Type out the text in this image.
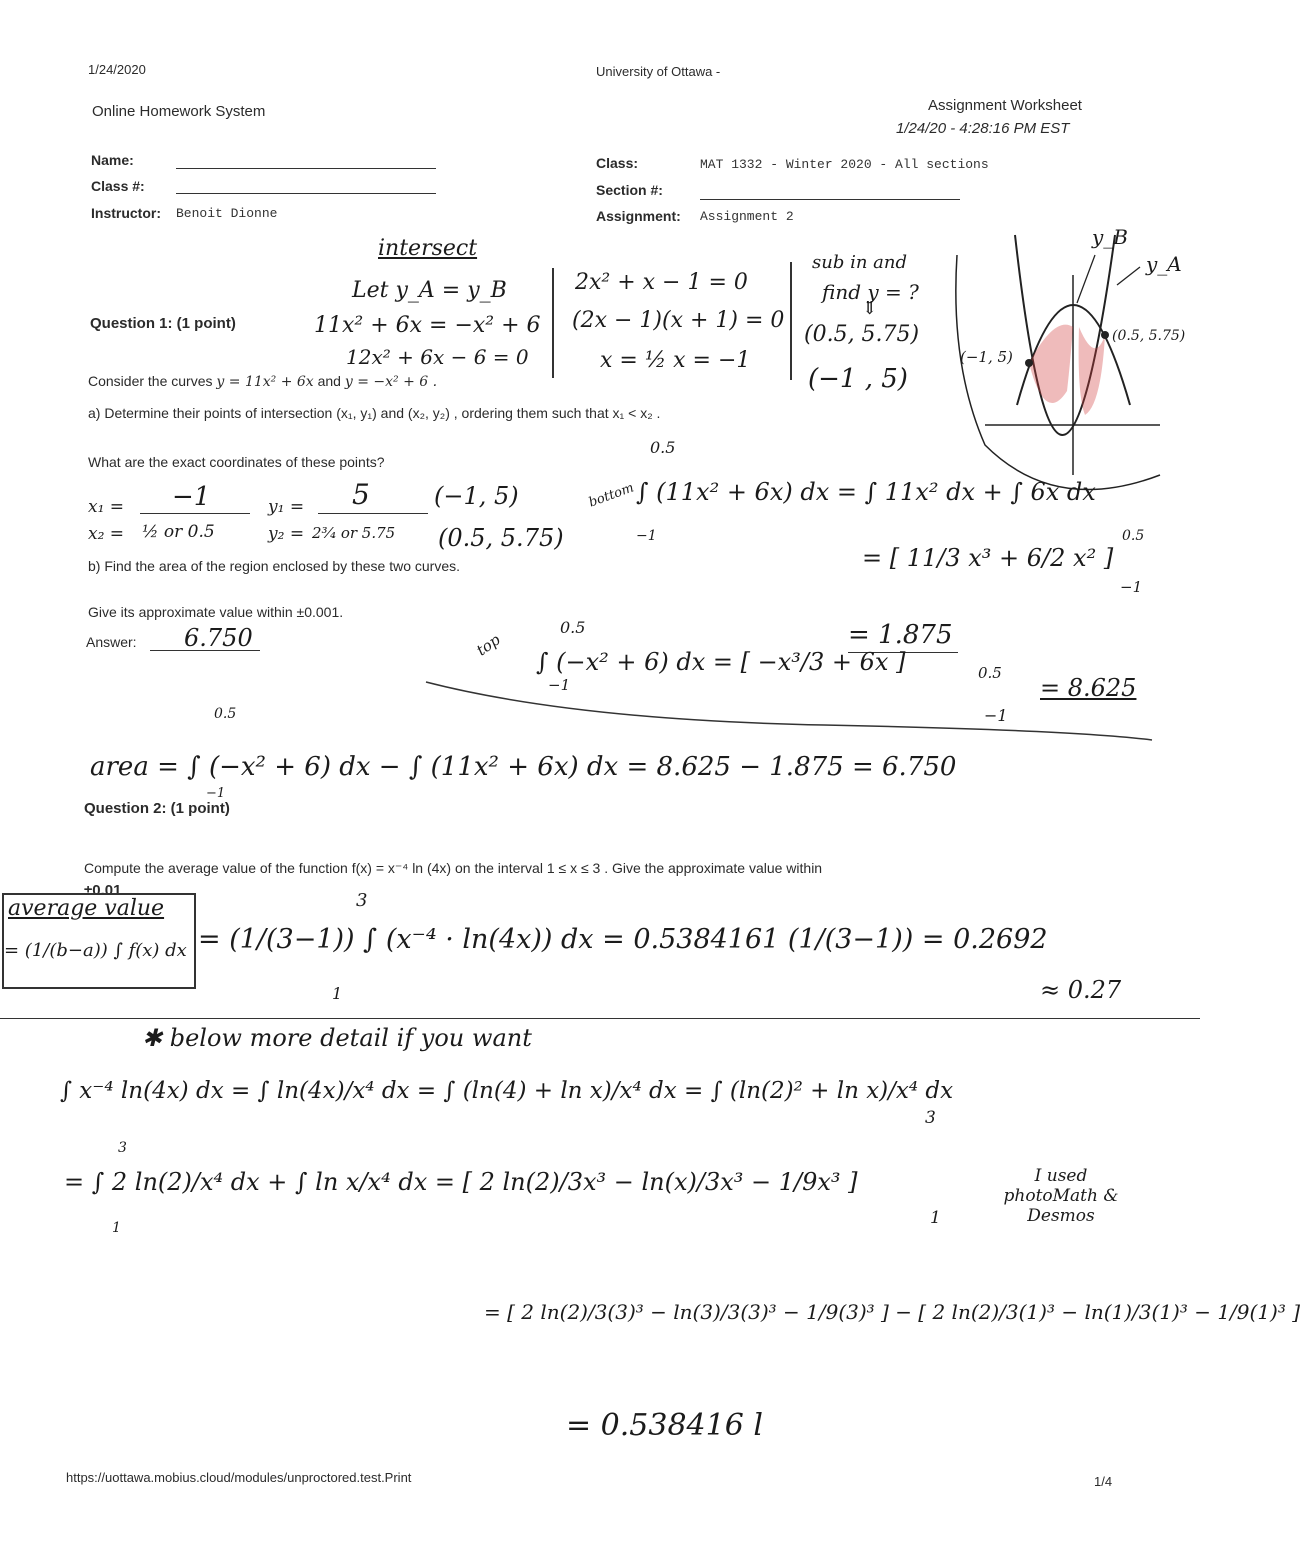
1/24/2020	University of Ottawa -
Online Homework System	Assignment Worksheet
1/24/20 - 4:28:16 PM EST
Name:
Class #:
Instructor: Benoit Dionne
Class:	MAT 1332 - Winter 2020 - All sections
Section #:
Assignment: Assignment 2
intersect
Let y_A = y_B
11x² + 6x = −x² + 6
12x² + 6x − 6 = 0
2x² + x − 1 = 0
(2x − 1)(x + 1) = 0
x = ½ x = −1
sub in and
find y = ?
⇓
(0.5, 5.75)
(−1 , 5)
y_B
y_A
(−1, 5)
(0.5, 5.75)
Question 1: (1 point)
Consider the curves y = 11x² + 6x and y = −x² + 6 .
a) Determine their points of intersection (x₁, y₁) and (x₂, y₂) , ordering them such that x₁ < x₂ .
What are the exact coordinates of these points?
x₁ = −1	y₁ = 5	(−1, 5)
x₂ = ½ or 0.5	y₂ = 2³⁄₄ or 5.75 (0.5, 5.75)
b) Find the area of the region enclosed by these two curves.
Give its approximate value within ±0.001.
Answer: 6.750
bottom
0.5
−1
∫ (11x² + 6x) dx = ∫ 11x² dx + ∫ 6x dx
= [ 11/3 x³ + 6/2 x² ]
0.5
−1
= 1.875
top
0.5
−1
∫ (−x² + 6) dx = [ −x³/3 + 6x ]	0.5
−1
= 8.625
0.5
−1
area = ∫ (−x² + 6) dx − ∫ (11x² + 6x) dx = 8.625 − 1.875 = 6.750
Question 2: (1 point)
Compute the average value of the function f(x) = x⁻⁴ ln (4x) on the interval 1 ≤ x ≤ 3 . Give the approximate value within
±0.01
average value
= (1/(b−a)) ∫ f(x) dx
3
1
= (1/(3−1)) ∫ (x⁻⁴ · ln(4x)) dx = 0.5384161 (1/(3−1)) = 0.2692
≈ 0.27
✱ below more detail if you want
∫ x⁻⁴ ln(4x) dx = ∫ ln(4x)/x⁴ dx = ∫ (ln(4) + ln x)/x⁴ dx = ∫ (ln(2)² + ln x)/x⁴ dx
3
1
= ∫ 2 ln(2)/x⁴ dx + ∫ ln x/x⁴ dx = [ 2 ln(2)/3x³ − ln(x)/3x³ − 1/9x³ ]
3
1
I used photoMath & Desmos
= [ 2 ln(2)/3(3)³ − ln(3)/3(3)³ − 1/9(3)³ ] − [ 2 ln(2)/3(1)³ − ln(1)/3(1)³ − 1/9(1)³ ]
= 0.538416 l
https://uottawa.mobius.cloud/modules/unproctored.test.Print	1/4
